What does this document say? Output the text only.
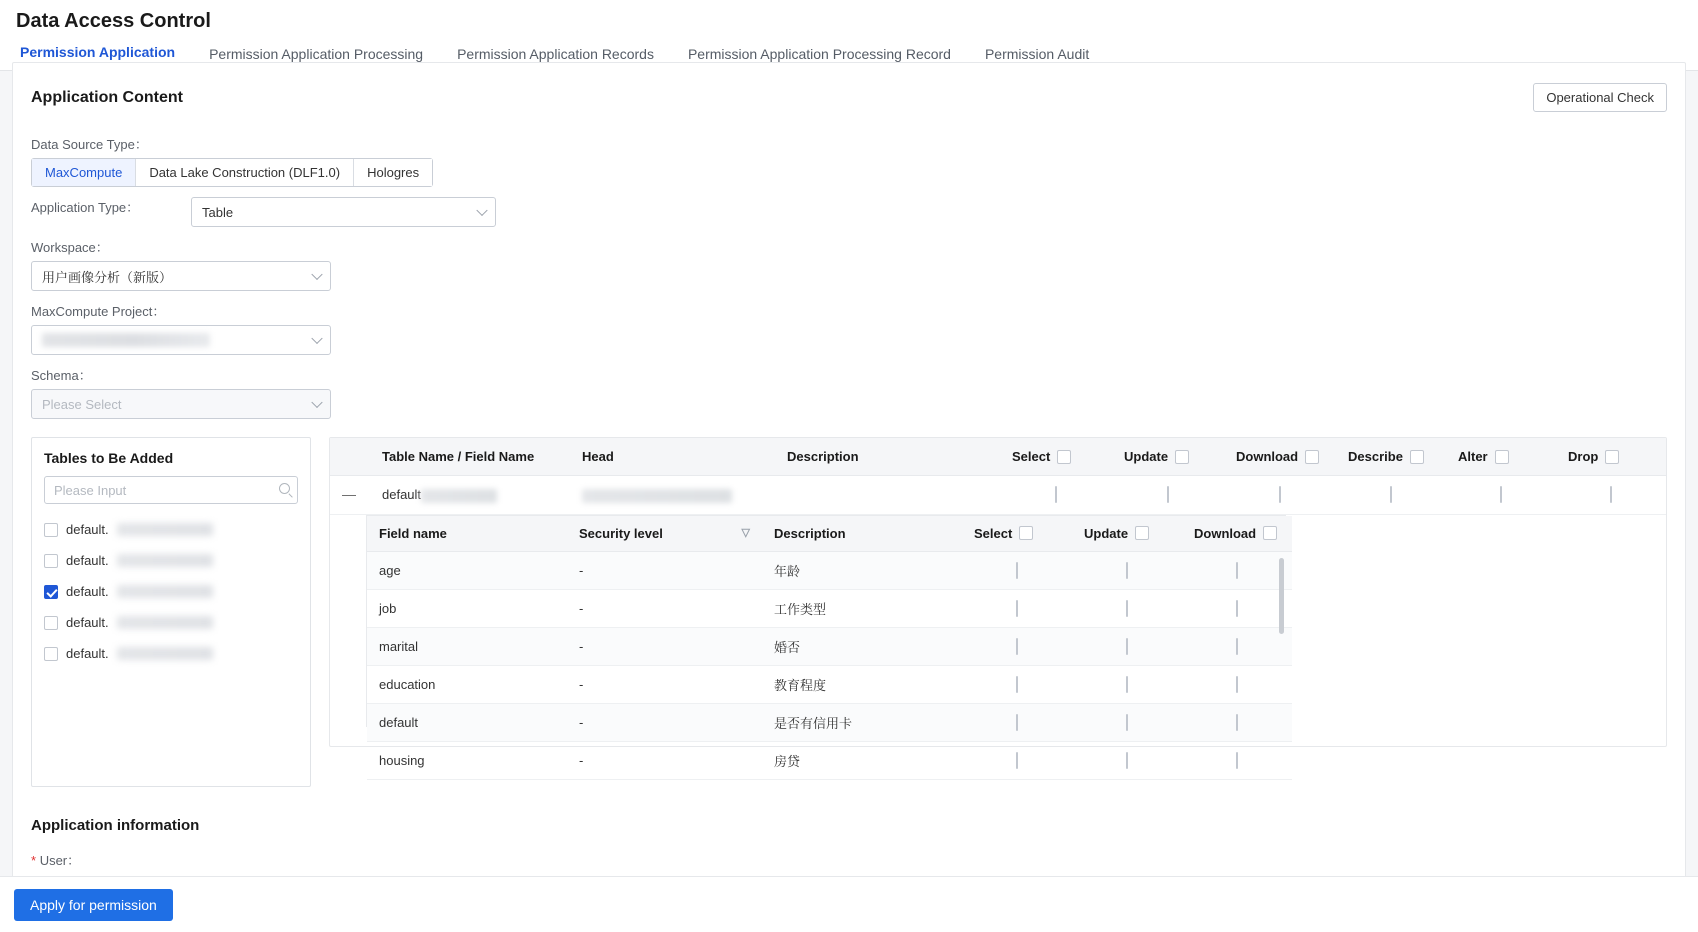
Data Access Control
Permission Application Permission Application Processing Permission Application Records Permission Application Processing Record Permission Audit
Application Content	Operational Check
Data Source Type：
MaxCompute	Data Lake Construction (DLF1.0)	Hologres
Application Type：	Table
Workspace：
用户画像分析（新版）
MaxCompute Project：
Schema：
Please Select
Tables to Be Added
Please Input
default.
default.
default.
default.
default.
	Table Name / Field Name	Head	Description	Select	Update	Download	Describe	Alter	Drop

—	default								
Field name	Security level ▽	Description	Select	Update	Download

age	-	年龄			
job	-	工作类型			
marital	-	婚否			
education	-	教育程度			
default	-	是否有信用卡			
housing	-	房贷			
Application information
* User：
Apply for permission
